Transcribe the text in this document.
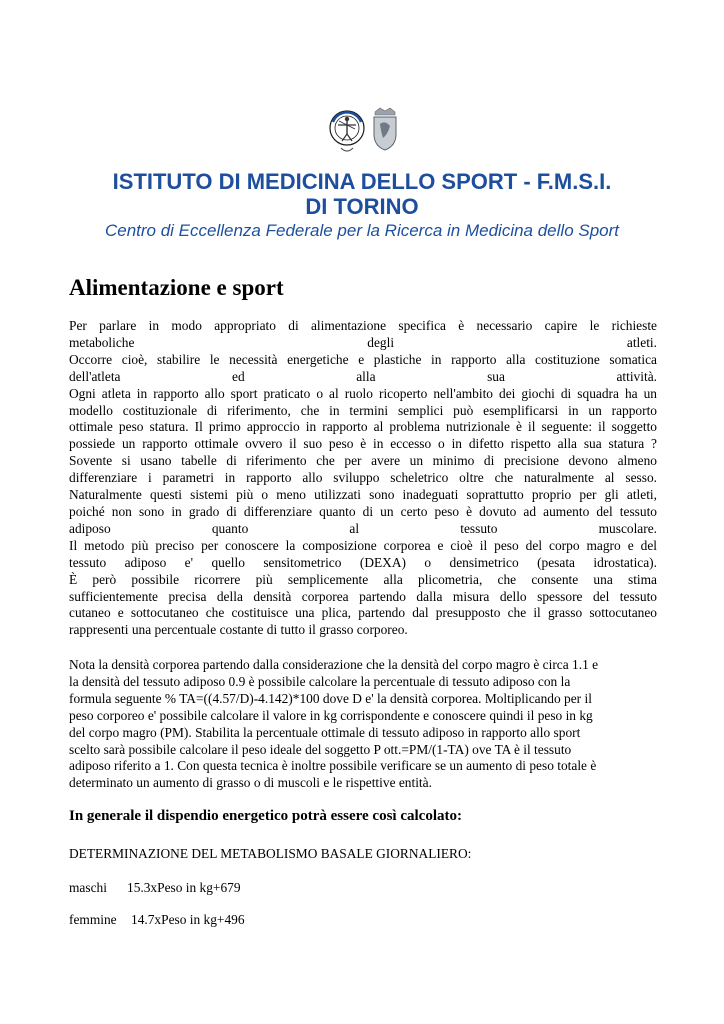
ISTITUTO DI MEDICINA DELLO SPORT - F.M.S.I.
DI TORINO
Centro di Eccellenza Federale per la Ricerca in Medicina dello Sport
Alimentazione e sport

Per parlare in modo appropriato di alimentazione specifica è necessario capire le richieste

metaboliche degli atleti.

Occorre cioè, stabilire le necessità energetiche e plastiche in rapporto alla costituzione somatica

dell'atleta ed alla sua attività.

Ogni atleta in rapporto allo sport praticato o al ruolo ricoperto nell'ambito dei giochi di squadra ha un

modello costituzionale di riferimento, che in termini semplici può esemplificarsi in un rapporto

ottimale peso statura. Il primo approccio in rapporto al problema nutrizionale è il seguente: il soggetto

possiede un rapporto ottimale ovvero il suo peso è in eccesso o in difetto rispetto alla sua statura ?

Sovente si usano tabelle di riferimento che per avere un minimo di precisione devono almeno

differenziare i parametri in rapporto allo sviluppo scheletrico oltre che naturalmente al sesso.

Naturalmente questi sistemi più o meno utilizzati sono inadeguati soprattutto proprio per gli atleti,

poiché non sono in grado di differenziare quanto di un certo peso è dovuto ad aumento del tessuto

adiposo quanto al tessuto muscolare.

Il metodo più preciso per conoscere la composizione corporea e cioè il peso del corpo magro e del

tessuto adiposo e' quello sensitometrico (DEXA) o densimetrico (pesata idrostatica).

È però possibile ricorrere più semplicemente alla plicometria, che consente una stima

sufficientemente precisa della densità corporea partendo dalla misura dello spessore del tessuto

cutaneo e sottocutaneo che costituisce una plica, partendo dal presupposto che il grasso sottocutaneo

rappresenti una percentuale costante di tutto il grasso corporeo.

Nota la densità corporea partendo dalla considerazione che la densità del corpo magro è circa 1.1 e

la densità del tessuto adiposo 0.9 è possibile calcolare la percentuale di tessuto adiposo con la

formula seguente % TA=((4.57/D)-4.142)*100 dove D e' la densità corporea. Moltiplicando per il

peso corporeo e' possibile calcolare il valore in kg corrispondente e conoscere quindi il peso in kg

del corpo magro (PM). Stabilita la percentuale ottimale di tessuto adiposo in rapporto allo sport

scelto sarà possibile calcolare il peso ideale del soggetto P ott.=PM/(1-TA) ove TA è il tessuto

adiposo riferito a 1. Con questa tecnica è inoltre possibile verificare se un aumento di peso totale è

determinato un aumento di grasso o di muscoli e le rispettive entità.

In generale il dispendio energetico potrà essere così calcolato:

DETERMINAZIONE DEL METABOLISMO BASALE GIORNALIERO:

maschi 15.3xPeso in kg+679

femmine 14.7xPeso in kg+496
